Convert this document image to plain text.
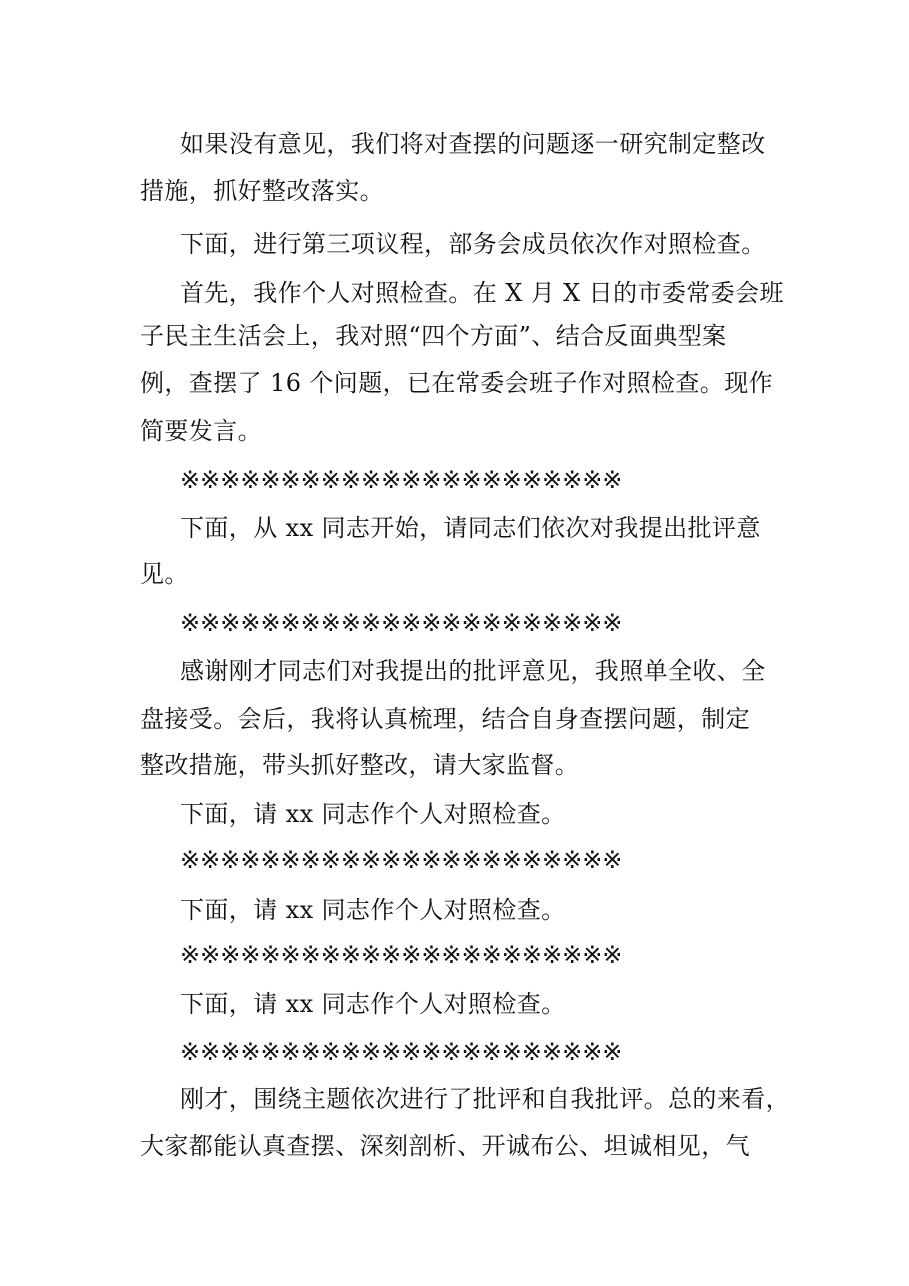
如果没有意见，我们将对查摆的问题逐一研究制定整改
措施，抓好整改落实。
下面，进行第三项议程，部务会成员依次作对照检查。
首先，我作个人对照检查。在 X 月 X 日的市委常委会班
子民主生活会上，我对照“四个方面”、结合反面典型案
例，查摆了 16 个问题，已在常委会班子作对照检查。现作
简要发言。
※※※※※※※※※※※※※※※※※※※※※※
下面，从 xx 同志开始，请同志们依次对我提出批评意
见。
※※※※※※※※※※※※※※※※※※※※※※
感谢刚才同志们对我提出的批评意见，我照单全收、全
盘接受。会后，我将认真梳理，结合自身查摆问题，制定
整改措施，带头抓好整改，请大家监督。
下面，请 xx 同志作个人对照检查。
※※※※※※※※※※※※※※※※※※※※※※
下面，请 xx 同志作个人对照检查。
※※※※※※※※※※※※※※※※※※※※※※
下面，请 xx 同志作个人对照检查。
※※※※※※※※※※※※※※※※※※※※※※
刚才，围绕主题依次进行了批评和自我批评。总的来看，
大家都能认真查摆、深刻剖析、开诚布公、坦诚相见，气
